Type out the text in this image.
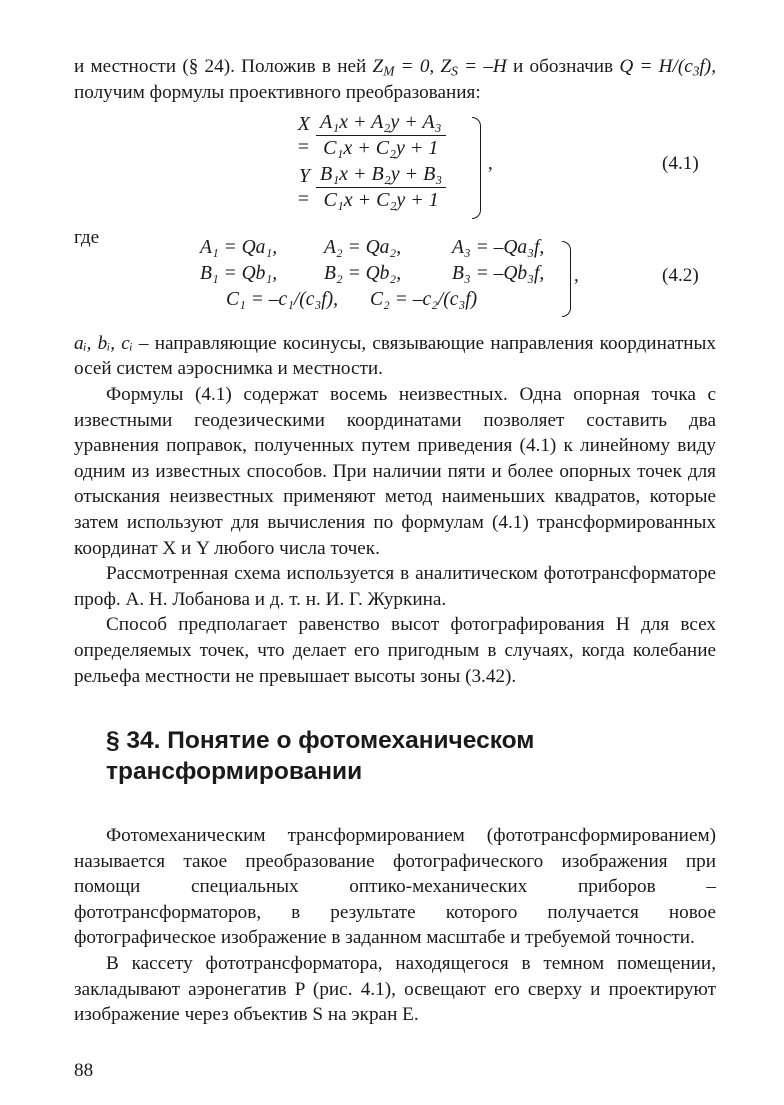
и местности (§ 24). Положив в ней $Z_M = 0$, $Z_S = -H$ и обозначив $Q = H/(c_3f)$, получим формулы проективного преобразования:

$X = \frac{\text{A₁x + A₂y + A₃}}{\text{C₁x + C₂y + 1}}$
$Y = \frac{\text{B₁x + B₂y + B₃}}{\text{C₁x + C₂y + 1}}$ ,	(4.1)
где	A₁ = Qa₁, A₂ = Qa₂,	A₃ = –Qa₃f,
B₁ = Qb₁, B₂ = Qb₂,	B₃ = –Qb₃f,
C₁ = –c₁/(c₃f), C₂ = –c₂/(c₃f)
,	(4.2)

aᵢ, bᵢ, cᵢ – направляющие косинусы, связывающие направления координатных осей систем аэроснимка и местности.

Формулы (4.1) содержат восемь неизвестных. Одна опорная точка с известными геодезическими координатами позволяет составить два уравнения поправок, полученных путем приведения (4.1) к линейному виду одним из известных способов. При наличии пяти и более опорных точек для отыскания неизвестных применяют метод наименьших квадратов, которые затем используют для вычисления по формулам (4.1) трансформированных координат X и Y любого числа точек.

Рассмотренная схема используется в аналитическом фототрансформаторе проф. А. Н. Лобанова и д. т. н. И. Г. Журкина.

Способ предполагает равенство высот фотографирования H для всех определяемых точек, что делает его пригодным в случаях, когда колебание рельефа местности не превышает высоты зоны (3.42).

§ 34. Понятие о фотомеханическом
трансформировании

Фотомеханическим трансформированием (фототрансформированием) называется такое преобразование фотографического изображения при помощи специальных оптико-механических приборов – фототрансформаторов, в результате которого получается новое фотографическое изображение в заданном масштабе и требуемой точности.

В кассету фототрансформатора, находящегося в темном помещении, закладывают аэронегатив P (рис. 4.1), освещают его сверху и проектируют изображение через объектив S на экран E.

88
